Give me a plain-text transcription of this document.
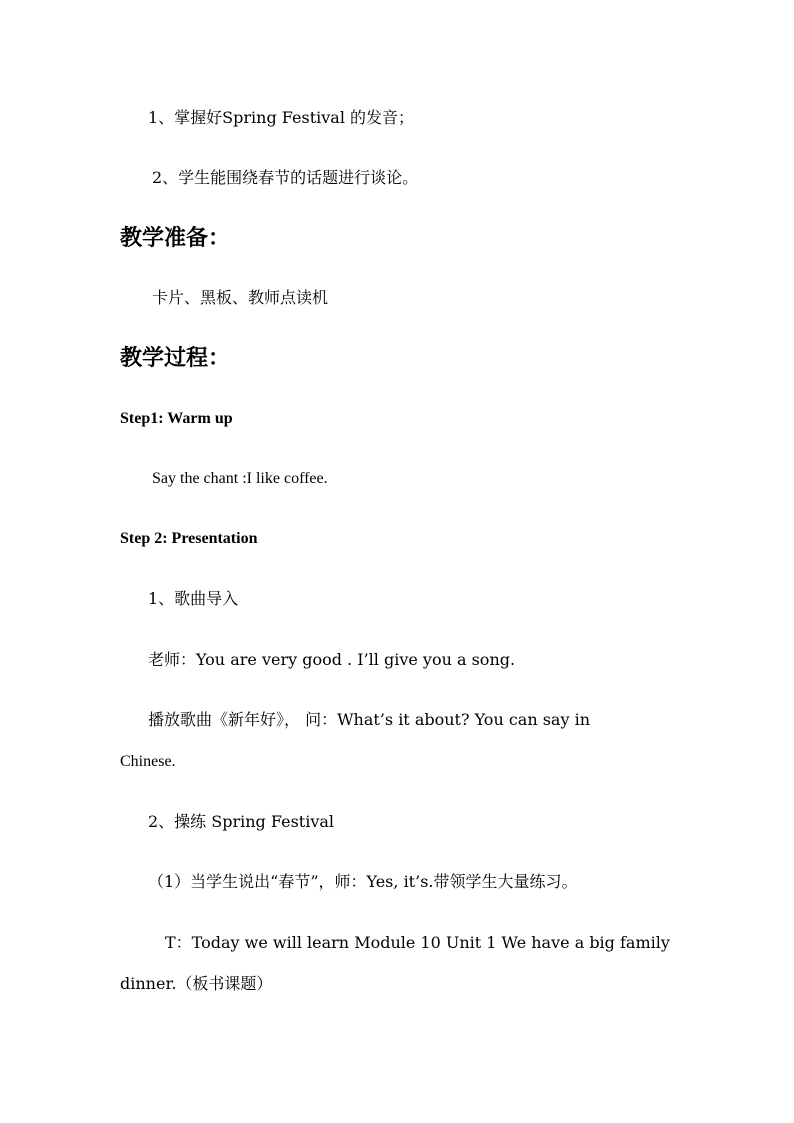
1、掌握好Spring Festival 的发音；
2、学生能围绕春节的话题进行谈论。
教学准备：
卡片、黑板、教师点读机
教学过程：
Step1: Warm up
Say the chant :I like coffee.
Step 2: Presentation
1、歌曲导入
老师：You are very good . I’ll give you a song.
播放歌曲《新年好》， 问：What’s it about? You can say in
Chinese.
2、操练 Spring Festival
（1）当学生说出“春节”，师：Yes, it’s.带领学生大量练习。
T：Today we will learn Module 10 Unit 1 We have a big family
dinner.（板书课题）
